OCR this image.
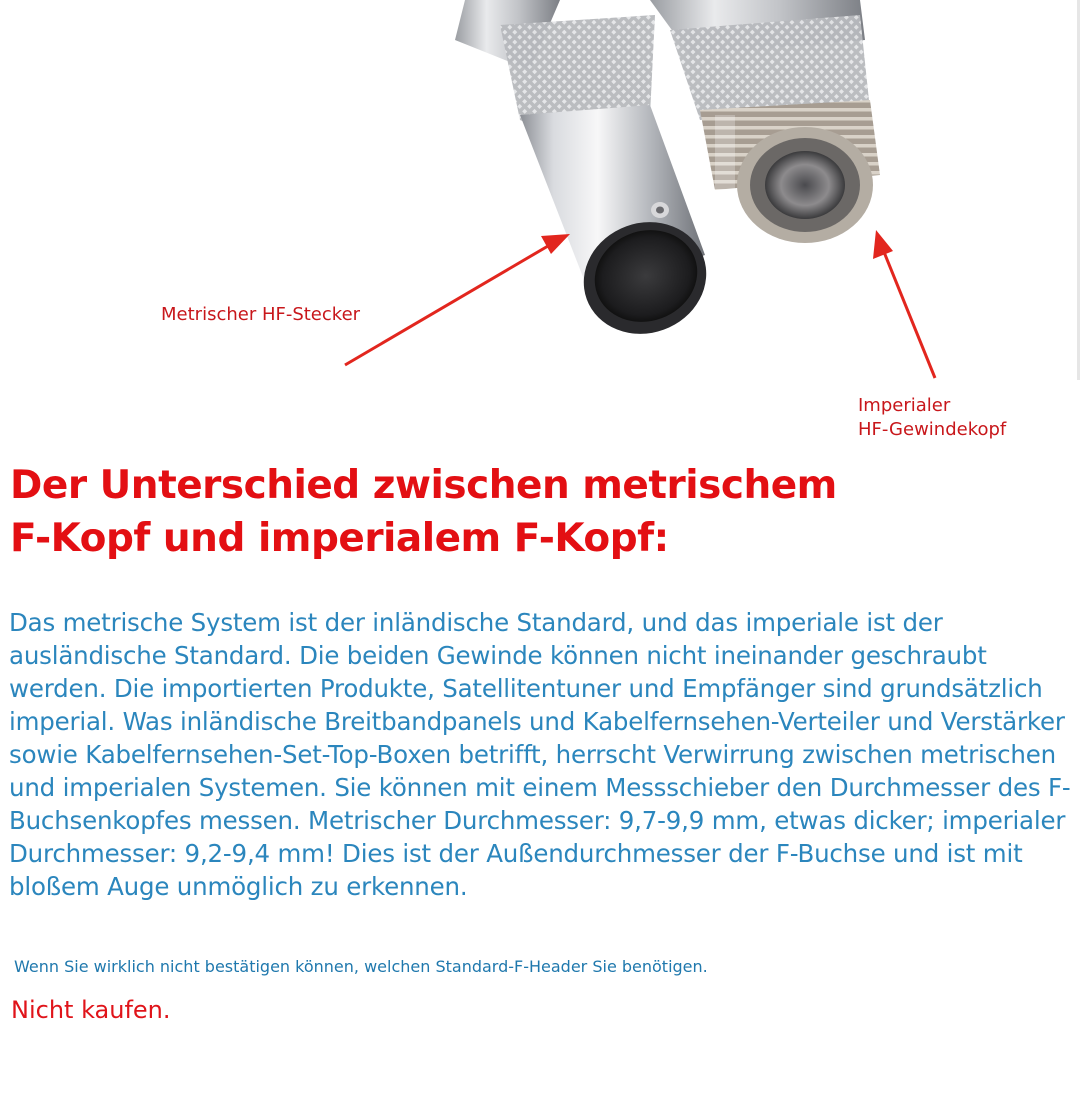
Metrischer HF-Stecker
Imperialer
HF-Gewindekopf
Der Unterschied zwischen metrischem
F-Kopf und imperialem F-Kopf:
Das metrische System ist der inländische Standard, und das imperiale ist der ausländische Standard. Die beiden Gewinde können nicht ineinander geschraubt werden. Die importierten Produkte, Satellitentuner und Empfänger sind grundsätzlich imperial. Was inländische Breitbandpanels und Kabelfernsehen-Verteiler und Verstärker sowie Kabelfernsehen-Set-Top-Boxen betrifft, herrscht Verwirrung zwischen metrischen und imperialen Systemen. Sie können mit einem Messschieber den Durchmesser des F-Buchsenkopfes messen. Metrischer Durchmesser: 9,7-9,9 mm, etwas dicker; imperialer Durchmesser: 9,2-9,4 mm! Dies ist der Außendurchmesser der F-Buchse und ist mit bloßem Auge unmöglich zu erkennen.
Wenn Sie wirklich nicht bestätigen können, welchen Standard-F-Header Sie benötigen.
Nicht kaufen.
